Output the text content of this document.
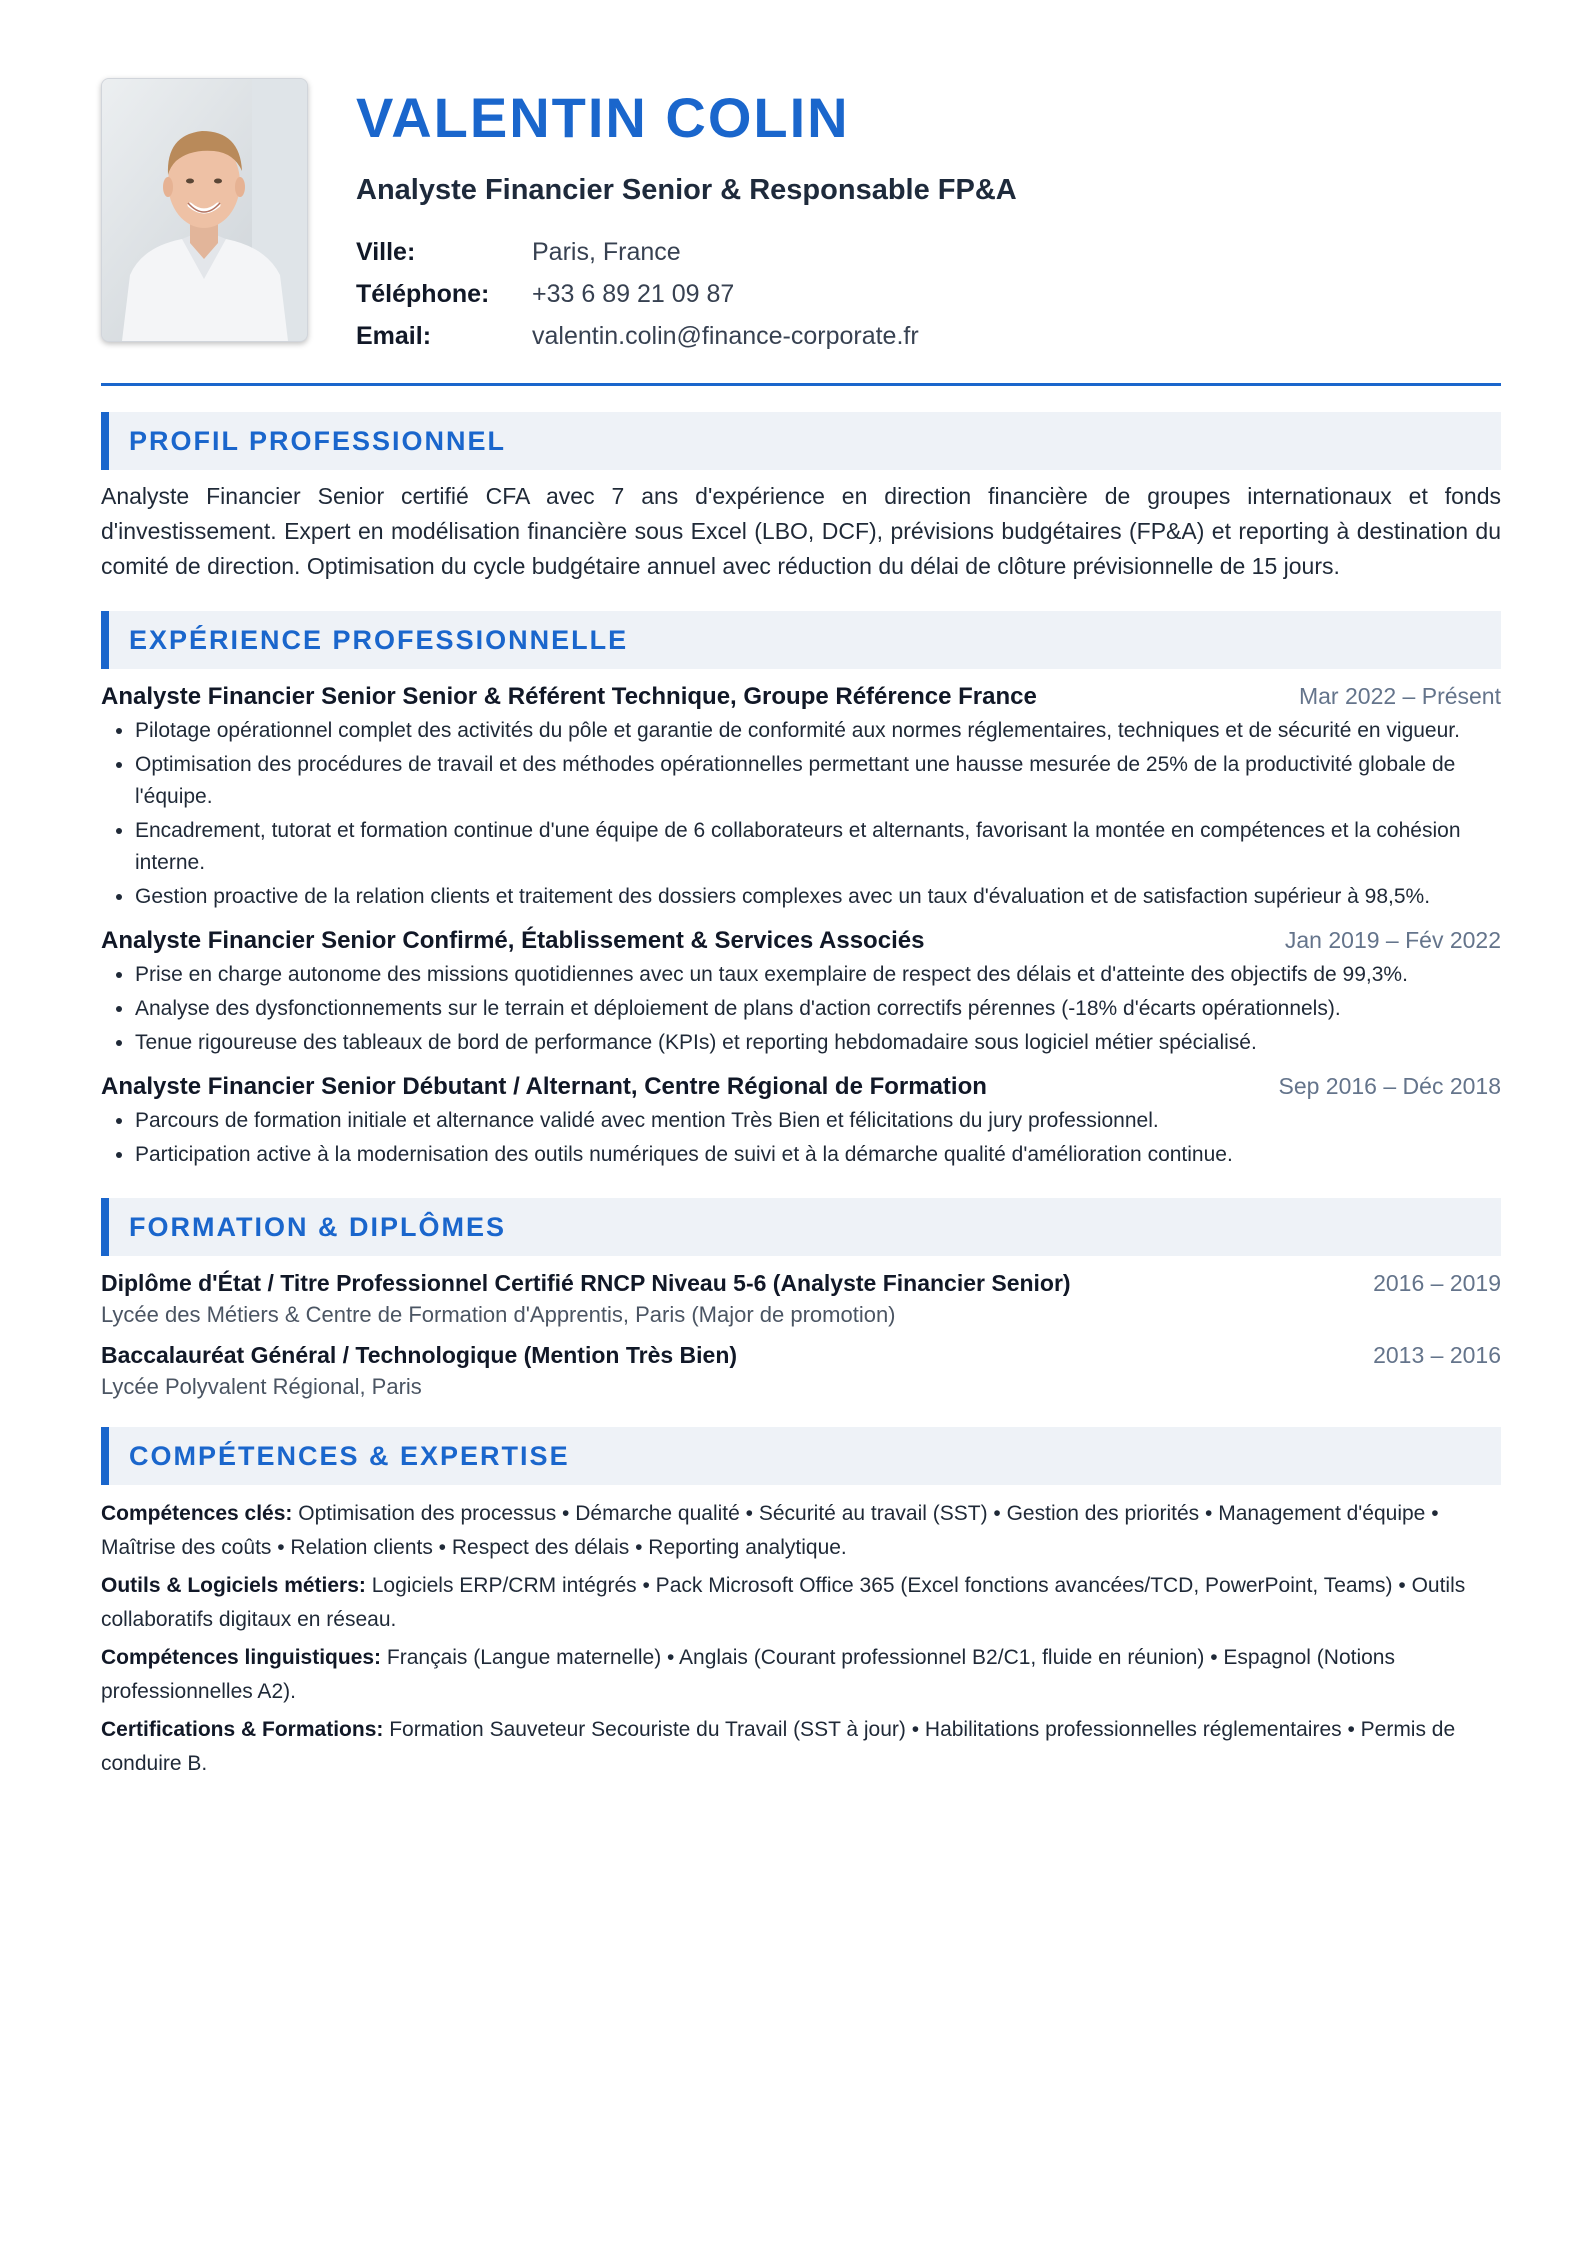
VALENTIN COLIN
Analyste Financier Senior & Responsable FP&A
Ville:	Paris, France
Téléphone:	+33 6 89 21 09 87
Email:	valentin.colin@finance-corporate.fr
PROFIL PROFESSIONNEL
Analyste Financier Senior certifié CFA avec 7 ans d'expérience en direction financière de groupes internationaux et fonds d'investissement. Expert en modélisation financière sous Excel (LBO, DCF), prévisions budgétaires (FP&A) et reporting à destination du comité de direction. Optimisation du cycle budgétaire annuel avec réduction du délai de clôture prévisionnelle de 15 jours.
EXPÉRIENCE PROFESSIONNELLE
Analyste Financier Senior Senior & Référent Technique, Groupe Référence France	Mar 2022 – Présent
• Pilotage opérationnel complet des activités du pôle et garantie de conformité aux normes réglementaires, techniques et de sécurité en vigueur.
• Optimisation des procédures de travail et des méthodes opérationnelles permettant une hausse mesurée de 25% de la productivité globale de l'équipe.
• Encadrement, tutorat et formation continue d'une équipe de 6 collaborateurs et alternants, favorisant la montée en compétences et la cohésion interne.
• Gestion proactive de la relation clients et traitement des dossiers complexes avec un taux d'évaluation et de satisfaction supérieur à 98,5%.
Analyste Financier Senior Confirmé, Établissement & Services Associés	Jan 2019 – Fév 2022
• Prise en charge autonome des missions quotidiennes avec un taux exemplaire de respect des délais et d'atteinte des objectifs de 99,3%.
• Analyse des dysfonctionnements sur le terrain et déploiement de plans d'action correctifs pérennes (-18% d'écarts opérationnels).
• Tenue rigoureuse des tableaux de bord de performance (KPIs) et reporting hebdomadaire sous logiciel métier spécialisé.
Analyste Financier Senior Débutant / Alternant, Centre Régional de Formation	Sep 2016 – Déc 2018
• Parcours de formation initiale et alternance validé avec mention Très Bien et félicitations du jury professionnel.
• Participation active à la modernisation des outils numériques de suivi et à la démarche qualité d'amélioration continue.
FORMATION & DIPLÔMES
Diplôme d'État / Titre Professionnel Certifié RNCP Niveau 5-6 (Analyste Financier Senior)	2016 – 2019
Lycée des Métiers & Centre de Formation d'Apprentis, Paris (Major de promotion)
Baccalauréat Général / Technologique (Mention Très Bien)	2013 – 2016
Lycée Polyvalent Régional, Paris
COMPÉTENCES & EXPERTISE
Compétences clés: Optimisation des processus • Démarche qualité • Sécurité au travail (SST) • Gestion des priorités • Management d'équipe • Maîtrise des coûts • Relation clients • Respect des délais • Reporting analytique.
Outils & Logiciels métiers: Logiciels ERP/CRM intégrés • Pack Microsoft Office 365 (Excel fonctions avancées/TCD, PowerPoint, Teams) • Outils collaboratifs digitaux en réseau.
Compétences linguistiques: Français (Langue maternelle) • Anglais (Courant professionnel B2/C1, fluide en réunion) • Espagnol (Notions professionnelles A2).
Certifications & Formations: Formation Sauveteur Secouriste du Travail (SST à jour) • Habilitations professionnelles réglementaires • Permis de conduire B.
